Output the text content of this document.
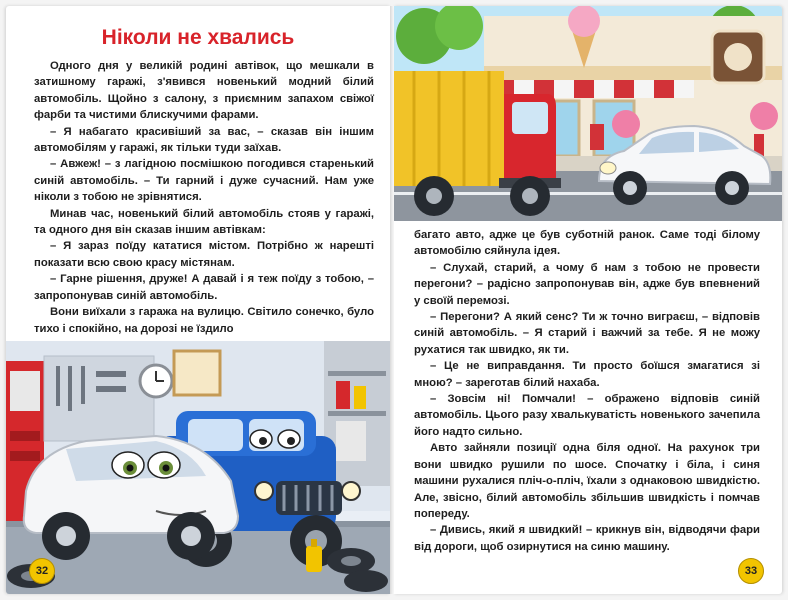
Ніколи не хвались

Одного дня у великій родині автівок, що мешкали в затишному гаражі, з'явився новенький модний білий автомобіль. Щойно з салону, з приємним запахом свіжої фарби та чистими блискучими фарами.

– Я набагато красивіший за вас, – сказав він іншим автомобілям у гаражі, як тільки туди заїхав.

– Авжеж! – з лагідною посмішкою погодився старенький синій автомобіль. – Ти гарний і дуже сучасний. Нам уже ніколи з тобою не зрівнятися.

Минав час, новенький білий автомобіль стояв у гаражі, та одного дня він сказав іншим автівкам:

– Я зараз поїду кататися містом. Потрібно ж нарешті показати всю свою красу містянам.

– Гарне рішення, друже! А давай і я теж поїду з тобою, – запропонував синій автомобіль.

Вони виїхали з гаража на вулицю. Світило сонечко, було тихо і спокійно, на дорозі не їздило

32

багато авто, адже це був суботній ранок. Саме тоді білому автомобілю сяйнула ідея.

– Слухай, старий, а чому б нам з тобою не провести перегони? – радісно запропонував він, адже був впевнений у своїй перемозі.

– Перегони? А який сенс? Ти ж точно виграєш, – відповів синій автомобіль. – Я старий і важчий за тебе. Я не можу рухатися так швидко, як ти.

– Це не виправдання. Ти просто боїшся змагатися зі мною? – зареготав білий нахаба.

– Зовсім ні! Помчали! – ображено відповів синій автомобіль. Цього разу хвалькуватість новенького зачепила його надто сильно.

Авто зайняли позиції одна біля одної. На рахунок три вони швидко рушили по шосе. Спочатку і біла, і синя машини рухалися пліч-о-пліч, їхали з однаковою швидкістю. Але, звісно, білий автомобіль збільшив швидкість і помчав попереду.

– Дивись, який я швидкий! – крикнув він, відводячи фари від дороги, щоб озирнутися на синю машину.

33
